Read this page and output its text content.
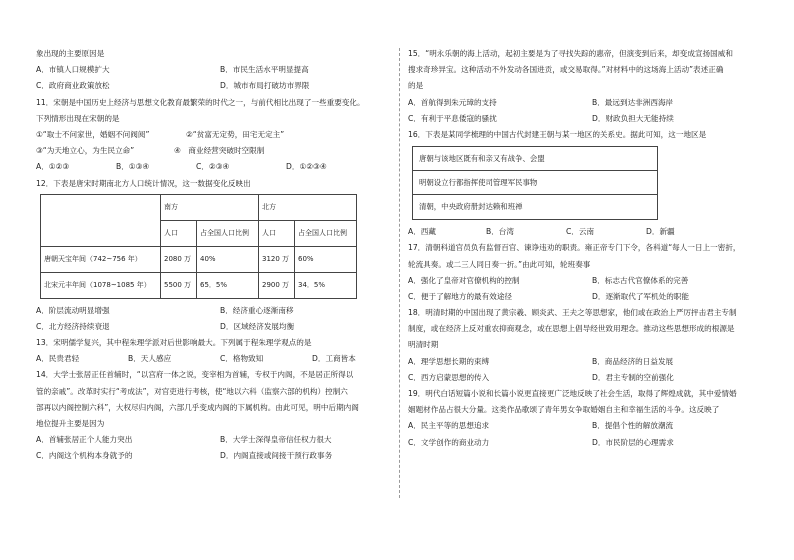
象出现的主要原因是
A．市镇人口规模扩大	B．市民生活水平明显提高
C．政府商业政策放松	D．城市布局打破坊市界限
11．宋朝是中国历史上经济与思想文化教育最繁荣的时代之一，与前代相比出现了一些重要变化。
下列情形出现在宋朝的是
①“取士不问家世，婚姻不问阀阅”	②“贫富无定势，田宅无定主”
③“为天地立心，为生民立命”	④　商业经营突破时空限制
A．①②③	B．①③④	C．②③④	D．①②③④
12．下表是唐宋时期南北方人口统计情况，这一数据变化反映出
	南方		北方	
	人口	占全国人口比例	人口	占全国人口比例
唐朝天宝年间（742~756 年）	2080 万	40%	3120 万	60%
北宋元丰年间（1078~1085 年）	5500 万	65．5%	2900 万	34．5%
A．阶层流动明显增强	B．经济重心逐渐南移
C．北方经济持续衰退	D．区域经济发展均衡
13．宋明儒学复兴，其中程朱理学派对后世影响最大。下列属于程朱理学观点的是
A．民贵君轻	B．天人感应	C．格物致知	D．工商皆本
14．大学士张居正任首辅时，“以宫府一体之说，变宰相为首辅，专权于内阁，不是居正所得以
管的亲戚”。改革时实行“考成法”，对官吏进行考核，使“地以六科（监察六部的机构）控制六
部再以内阁控制六科”，大权尽归内阁，六部几乎变成内阁的下属机构。由此可见，明中后期内阁
地位提升主要是因为
A．首辅张居正个人能力突出	B．大学士深得皇帝信任权力很大
C．内阁这个机构本身就予的	D．内阁直接或间接干预行政事务
15．“明永乐朝的海上活动，起初主要是为了寻找失踪的惠帝，但演变到后来，却变成宣扬国威和
搜求奇珍异宝。这种活动不外发动各国进贡，或交易取得。”对材料中的这场海上活动”表述正确
的是
A．首航得到朱元璋的支持	B．最远到达非洲西海岸
C．有利于平息倭寇的骚扰	D．财政负担大无能持续
16．下表是某同学梳理的中国古代封建王朝与某一地区的关系史。据此可知，这一地区是
唐朝与该地区既有和亲又有战争、会盟
明朝设立行都指挥使司管理军民事物
清朝，中央政府册封达赖和班禅
A．西藏	B．台湾	C．云南	D．新疆
17．清朝科道官员负有监督百官、谏诤违劝的职责。雍正帝专门下令，各科道“每人一日上一密折，
轮流具奏。或二三人同日奏一折。”由此可知，轮班奏事
A．强化了皇帝对官僚机构的控制	B．标志古代官僚体系的完善
C．便于了解地方的最有效途径	D．逐渐取代了军机处的职能
18．明清时期的中国出现了黄宗羲、顾炎武、王夫之等思想家，他们或在政治上严厉抨击君主专制
制度，或在经济上反对重农抑商观念，或在思想上倡导经世致用理念。推动这些思想形成的根源是
明清时期
A．理学思想长期的束缚	B．商品经济的日益发展
C．西方启蒙思想的传入	D．君主专制的空前强化
19．明代白话短篇小说和长篇小说更直接更广泛地反映了社会生活，取得了辉煌成就，其中爱情婚
姻题材作品占很大分量。这类作品歌颂了青年男女争取婚姻自主和幸福生活的斗争。这反映了
A．民主平等的思想追求	B．提倡个性的解放潮流
C．文学创作的商业动力	D．市民阶层的心理需求
